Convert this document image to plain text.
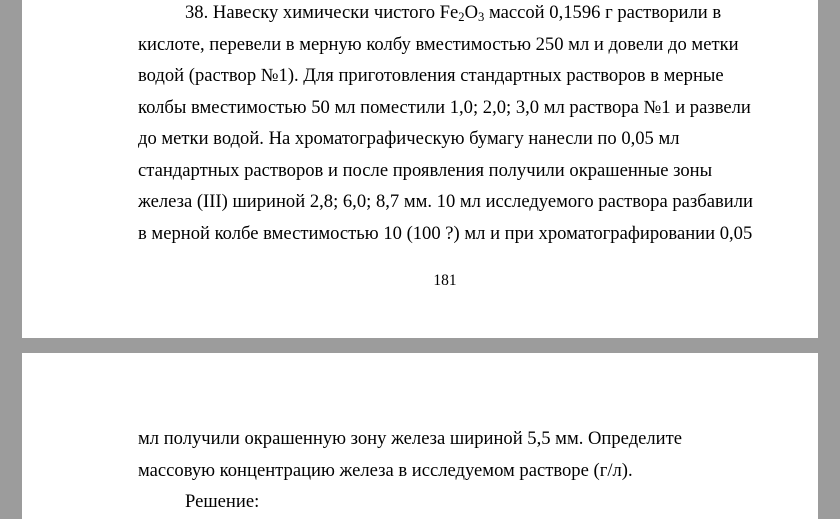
38. Навеску химически чистого $Fe_2O_3$ массой 0,1596 г растворили в
кислоте, перевели в мерную колбу вместимостью 250 мл и довели до метки
водой (раствор №1). Для приготовления стандартных растворов в мерные
колбы вместимостью 50 мл поместили 1,0; 2,0; 3,0 мл раствора №1 и развели
до метки водой. На хроматографическую бумагу нанесли по 0,05 мл
стандартных растворов и после проявления получили окрашенные зоны
железа (III) шириной 2,8; 6,0; 8,7 мм. 10 мл исследуемого раствора разбавили
в мерной колбе вместимостью 10 (100 ?) мл и при хроматографировании 0,05
181
мл получили окрашенную зону железа шириной 5,5 мм. Определите
массовую концентрацию железа в исследуемом растворе (г/л).
Решение:
